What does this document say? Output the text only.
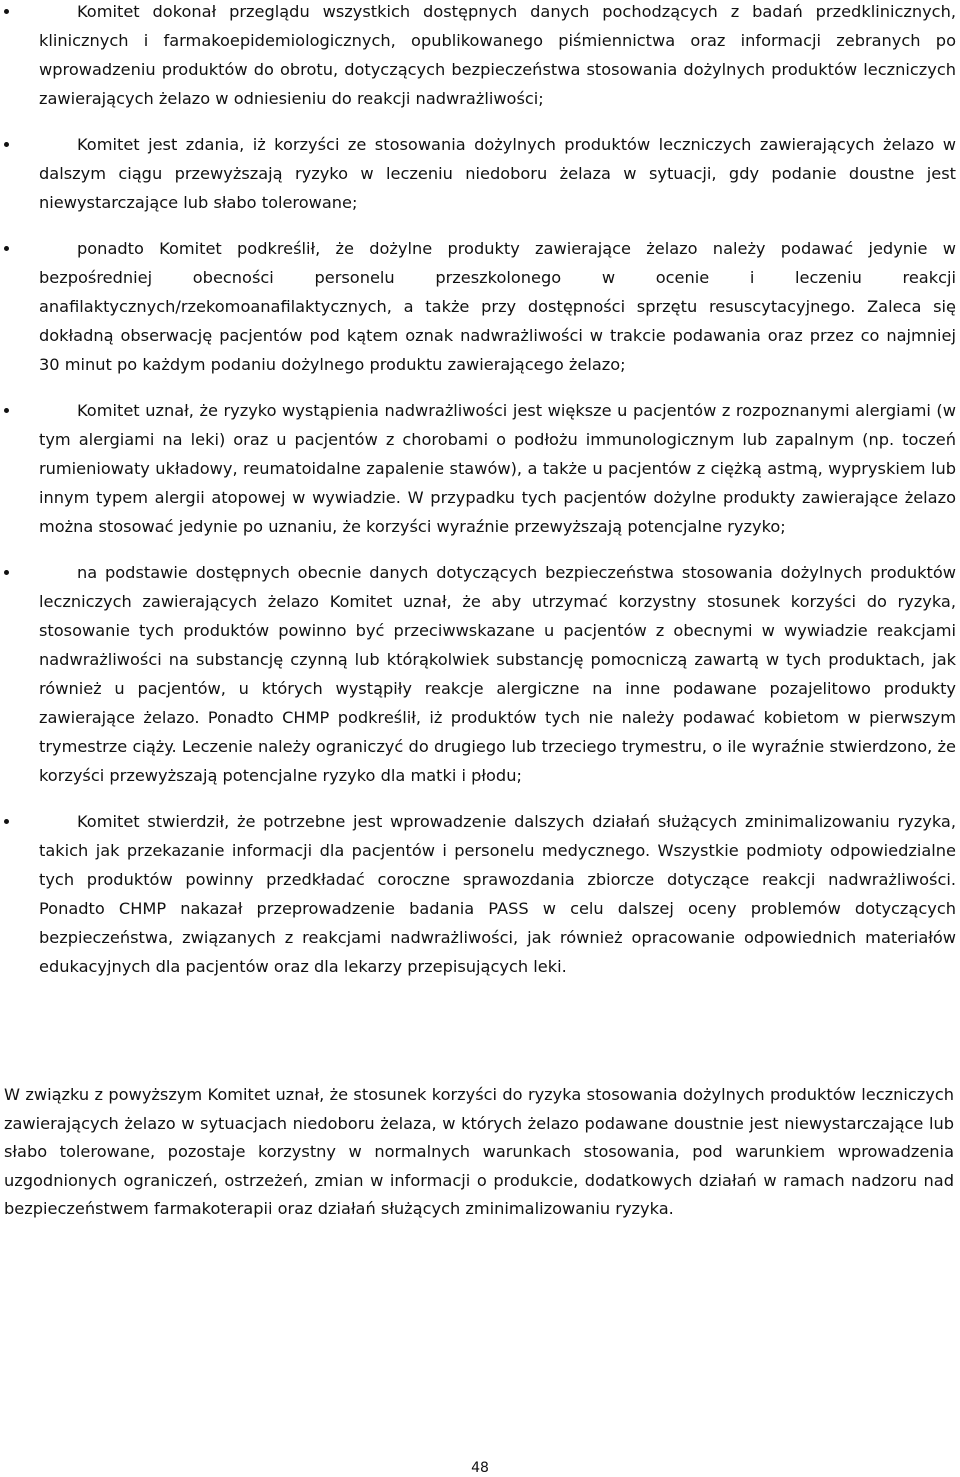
Komitet dokonał przeglądu wszystkich dostępnych danych pochodzących z badań przedklinicznych, klinicznych i farmakoepidemiologicznych, opublikowanego piśmiennictwa oraz informacji zebranych po wprowadzeniu produktów do obrotu, dotyczących bezpieczeństwa stosowania dożylnych produktów leczniczych zawierających żelazo w odniesieniu do reakcji nadwrażliwości;
Komitet jest zdania, iż korzyści ze stosowania dożylnych produktów leczniczych zawierających żelazo w dalszym ciągu przewyższają ryzyko w leczeniu niedoboru żelaza w sytuacji, gdy podanie doustne jest niewystarczające lub słabo tolerowane;
ponadto Komitet podkreślił, że dożylne produkty zawierające żelazo należy podawać jedynie w bezpośredniej obecności personelu przeszkolonego w ocenie i leczeniu reakcji anafilaktycznych/rzekomoanafilaktycznych, a także przy dostępności sprzętu resuscytacyjnego. Zaleca się dokładną obserwację pacjentów pod kątem oznak nadwrażliwości w trakcie podawania oraz przez co najmniej 30 minut po każdym podaniu dożylnego produktu zawierającego żelazo;
Komitet uznał, że ryzyko wystąpienia nadwrażliwości jest większe u pacjentów z rozpoznanymi alergiami (w tym alergiami na leki) oraz u pacjentów z chorobami o podłożu immunologicznym lub zapalnym (np. toczeń rumieniowaty układowy, reumatoidalne zapalenie stawów), a także u pacjentów z ciężką astmą, wypryskiem lub innym typem alergii atopowej w wywiadzie. W przypadku tych pacjentów dożylne produkty zawierające żelazo można stosować jedynie po uznaniu, że korzyści wyraźnie przewyższają potencjalne ryzyko;
na podstawie dostępnych obecnie danych dotyczących bezpieczeństwa stosowania dożylnych produktów leczniczych zawierających żelazo Komitet uznał, że aby utrzymać korzystny stosunek korzyści do ryzyka, stosowanie tych produktów powinno być przeciwwskazane u pacjentów z obecnymi w wywiadzie reakcjami nadwrażliwości na substancję czynną lub którąkolwiek substancję pomocniczą zawartą w tych produktach, jak również u pacjentów, u których wystąpiły reakcje alergiczne na inne podawane pozajelitowo produkty zawierające żelazo. Ponadto CHMP podkreślił, iż produktów tych nie należy podawać kobietom w pierwszym trymestrze ciąży. Leczenie należy ograniczyć do drugiego lub trzeciego trymestru, o ile wyraźnie stwierdzono, że korzyści przewyższają potencjalne ryzyko dla matki i płodu;
Komitet stwierdził, że potrzebne jest wprowadzenie dalszych działań służących zminimalizowaniu ryzyka, takich jak przekazanie informacji dla pacjentów i personelu medycznego. Wszystkie podmioty odpowiedzialne tych produktów powinny przedkładać coroczne sprawozdania zbiorcze dotyczące reakcji nadwrażliwości. Ponadto CHMP nakazał przeprowadzenie badania PASS w celu dalszej oceny problemów dotyczących bezpieczeństwa, związanych z reakcjami nadwrażliwości, jak również opracowanie odpowiednich materiałów edukacyjnych dla pacjentów oraz dla lekarzy przepisujących leki.

W związku z powyższym Komitet uznał, że stosunek korzyści do ryzyka stosowania dożylnych produktów leczniczych zawierających żelazo w sytuacjach niedoboru żelaza, w których żelazo podawane doustnie jest niewystarczające lub słabo tolerowane, pozostaje korzystny w normalnych warunkach stosowania, pod warunkiem wprowadzenia uzgodnionych ograniczeń, ostrzeżeń, zmian w informacji o produkcie, dodatkowych działań w ramach nadzoru nad bezpieczeństwem farmakoterapii oraz działań służących zminimalizowaniu ryzyka.

48
